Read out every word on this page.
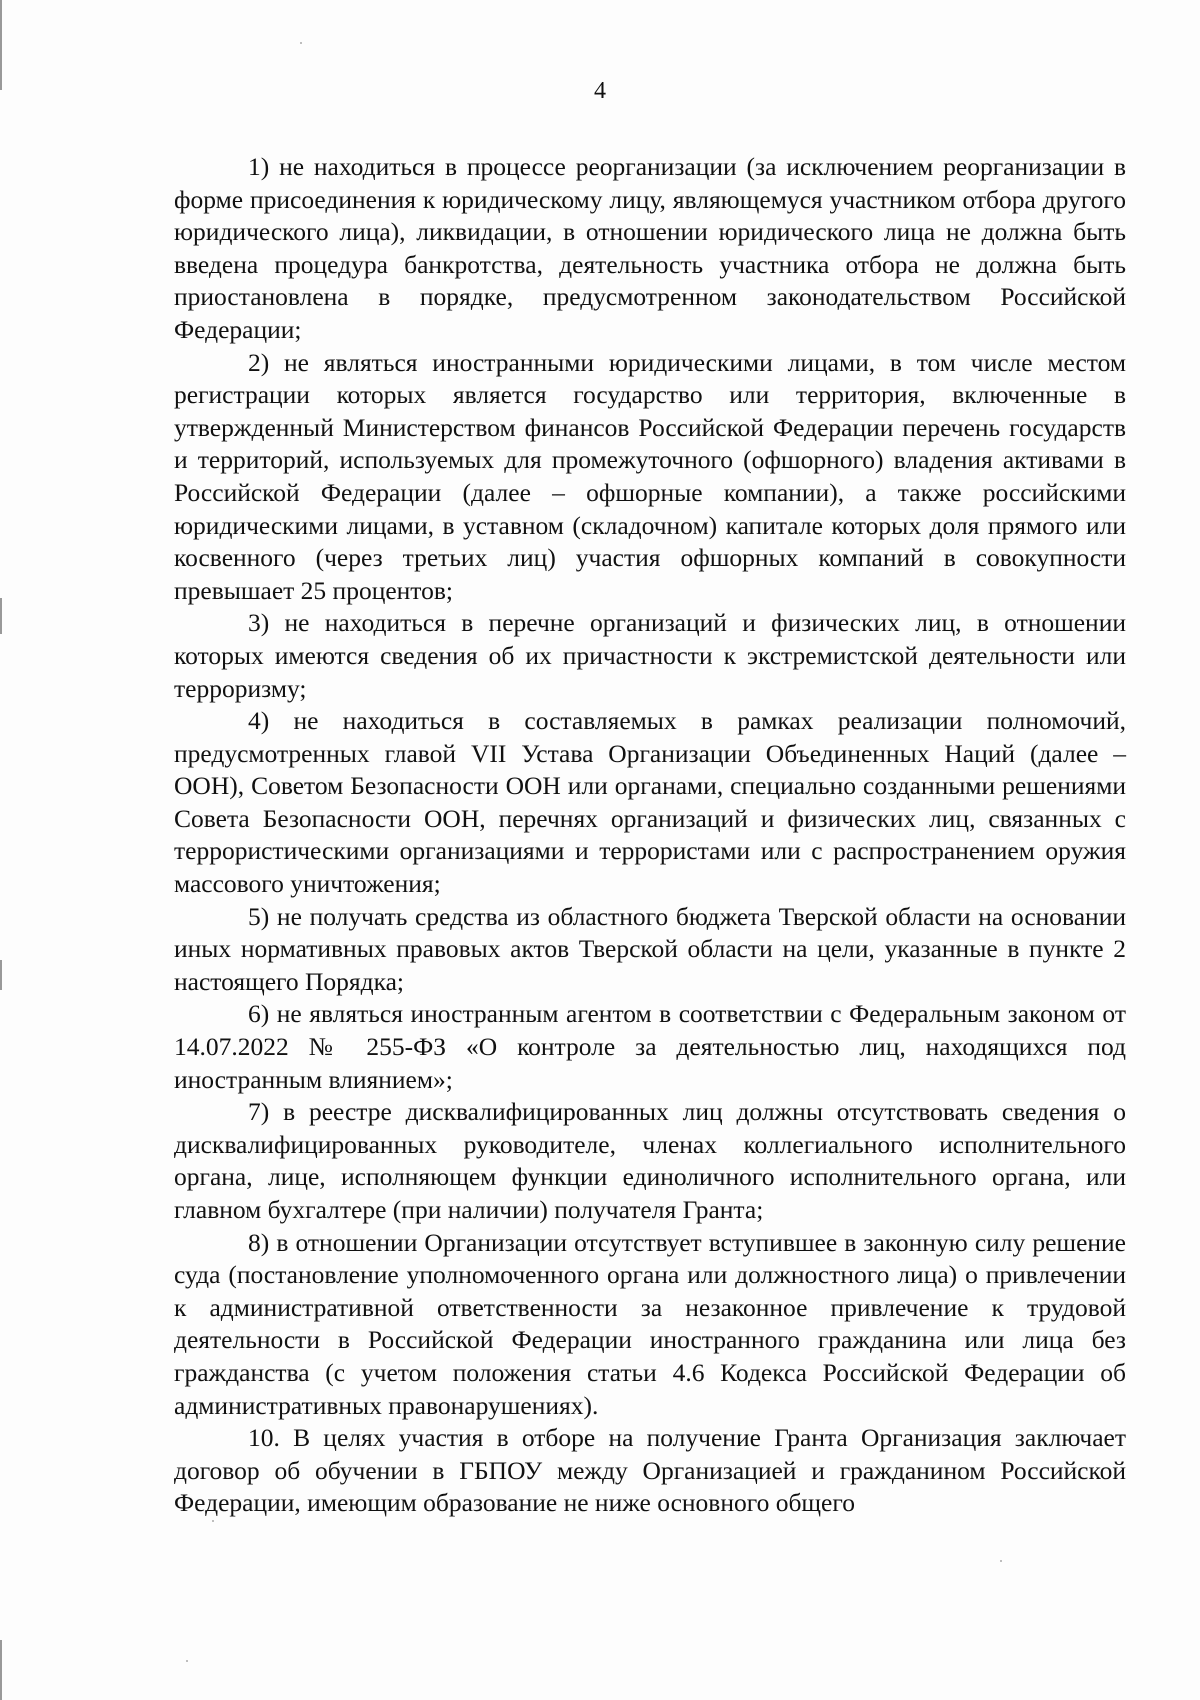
4

1) не находиться в процессе реорганизации (за исключением реорганизации в форме присоединения к юридическому лицу, являющемуся участником отбора другого юридического лица), ликвидации, в отношении юридического лица не должна быть введена процедура банкротства, деятельность участника отбора не должна быть приостановлена в порядке, предусмотренном законодательством Российской Федерации;

2) не являться иностранными юридическими лицами, в том числе местом регистрации которых является государство или территория, включенные в утвержденный Министерством финансов Российской Федерации перечень государств и территорий, используемых для промежуточного (офшорного) владения активами в Российской Федерации (далее – офшорные компании), а также российскими юридическими лицами, в уставном (складочном) капитале которых доля прямого или косвенного (через третьих лиц) участия офшорных компаний в совокупности превышает 25 процентов;

3) не находиться в перечне организаций и физических лиц, в отношении которых имеются сведения об их причастности к экстремистской деятельности или терроризму;

4) не находиться в составляемых в рамках реализации полномочий, предусмотренных главой VII Устава Организации Объединенных Наций (далее – ООН), Советом Безопасности ООН или органами, специально созданными решениями Совета Безопасности ООН, перечнях организаций и физических лиц, связанных с террористическими организациями и террористами или с распространением оружия массового уничтожения;

5) не получать средства из областного бюджета Тверской области на основании иных нормативных правовых актов Тверской области на цели, указанные в пункте 2 настоящего Порядка;

6) не являться иностранным агентом в соответствии с Федеральным законом от 14.07.2022 № 255-ФЗ «О контроле за деятельностью лиц, находящихся под иностранным влиянием»;

7) в реестре дисквалифицированных лиц должны отсутствовать сведения о дисквалифицированных руководителе, членах коллегиального исполнительного органа, лице, исполняющем функции единоличного исполнительного органа, или главном бухгалтере (при наличии) получателя Гранта;

8) в отношении Организации отсутствует вступившее в законную силу решение суда (постановление уполномоченного органа или должностного лица) о привлечении к административной ответственности за незаконное привлечение к трудовой деятельности в Российской Федерации иностранного гражданина или лица без гражданства (с учетом положения статьи 4.6 Кодекса Российской Федерации об административных правонарушениях).

10. В целях участия в отборе на получение Гранта Организация заключает договор об обучении в ГБПОУ между Организацией и гражданином Российской Федерации, имеющим образование не ниже основного общего
